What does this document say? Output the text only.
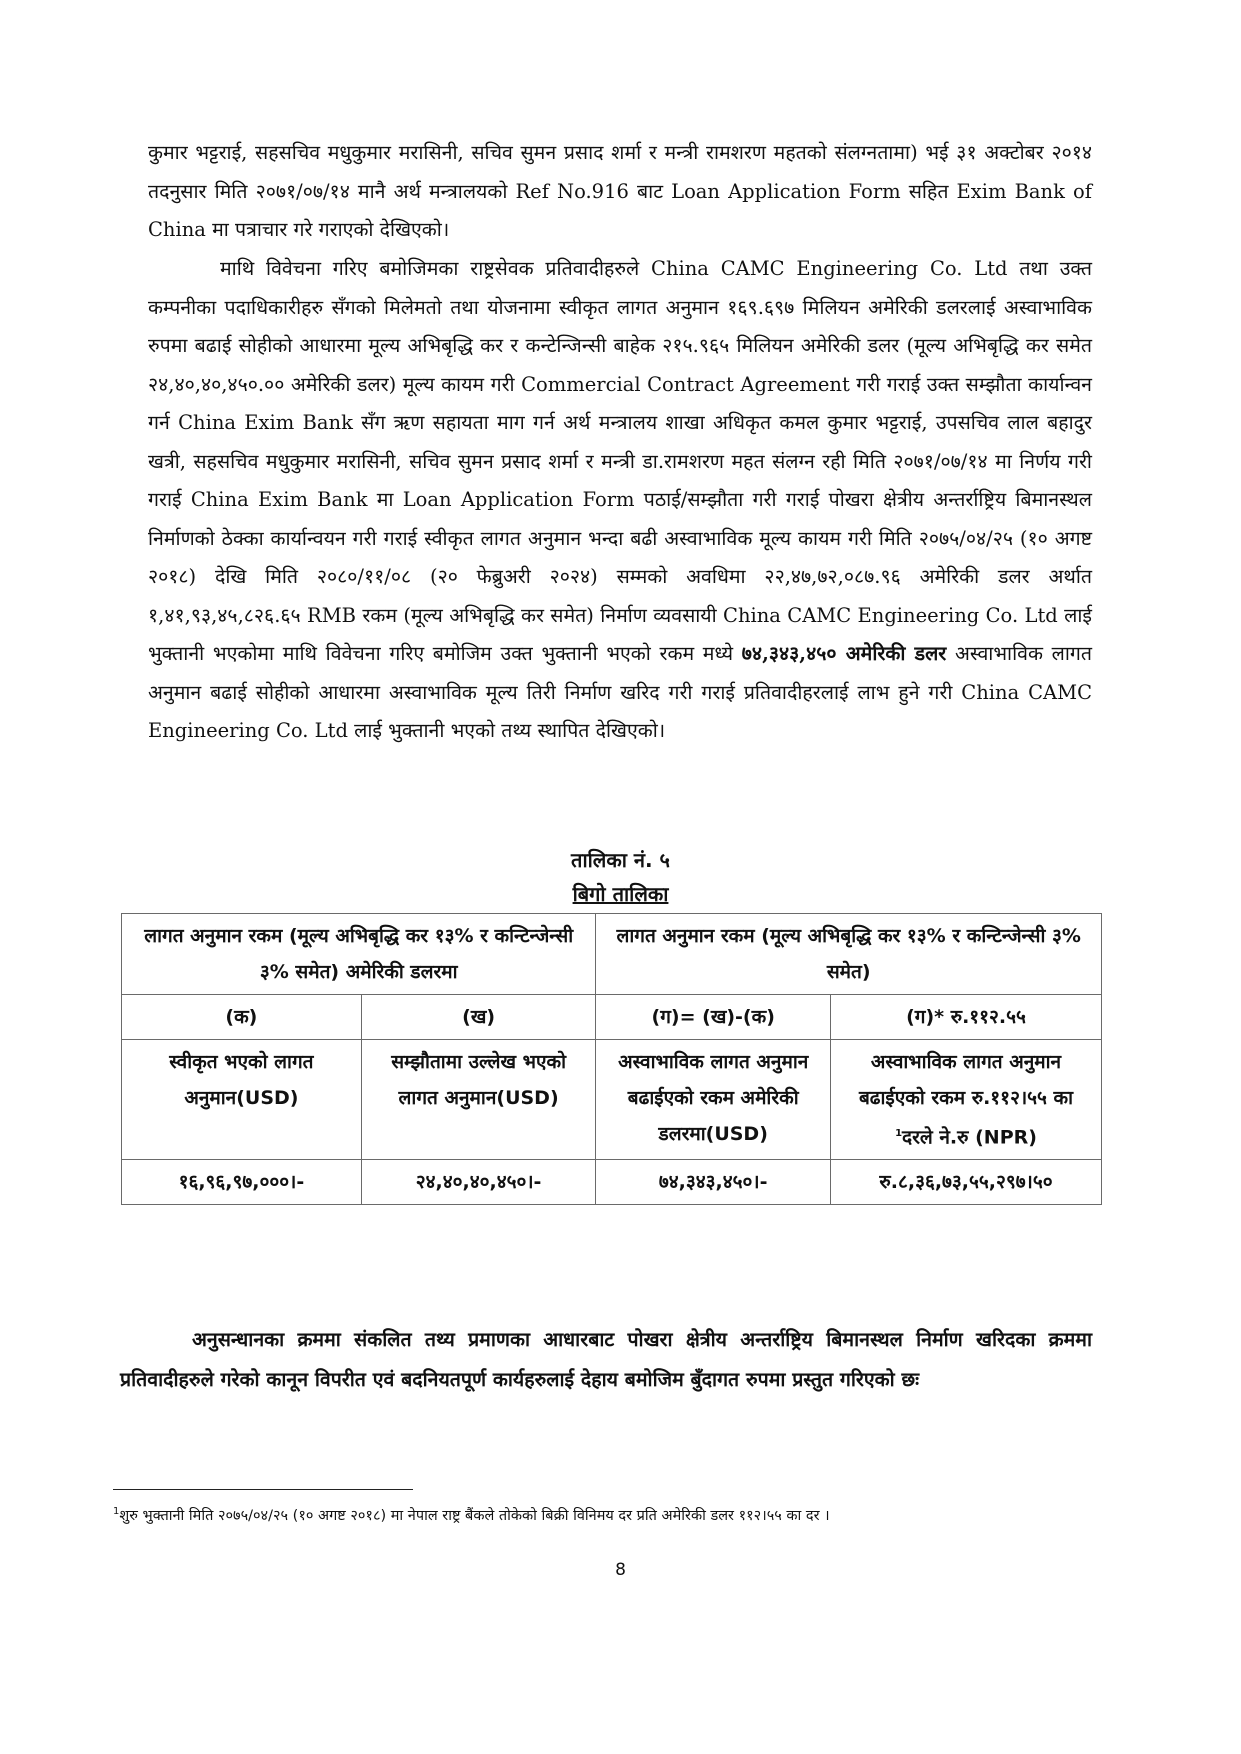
कुमार भट्टराई, सहसचिव मधुकुमार मरासिनी, सचिव सुमन प्रसाद शर्मा र मन्त्री रामशरण महतको संलग्नतामा) भई ३१ अक्टोबर २०१४ तदनुसार मिति २०७१/०७/१४ मानै अर्थ मन्त्रालयको Ref No.916 बाट Loan Application Form सहित Exim Bank of China मा पत्राचार गरे गराएको देखिएको।
माथि विवेचना गरिए बमोजिमका राष्ट्रसेवक प्रतिवादीहरुले China CAMC Engineering Co. Ltd तथा उक्त कम्पनीका पदाधिकारीहरु सँगको मिलेमतो तथा योजनामा स्वीकृत लागत अनुमान १६९.६९७ मिलियन अमेरिकी डलरलाई अस्वाभाविक रुपमा बढाई सोहीको आधारमा मूल्य अभिबृद्धि कर र कन्टेन्जिन्सी बाहेक २१५.९६५ मिलियन अमेरिकी डलर (मूल्य अभिबृद्धि कर समेत २४,४०,४०,४५०.०० अमेरिकी डलर) मूल्य कायम गरी Commercial Contract Agreement गरी गराई उक्त सम्झौता कार्यान्वन गर्न China Exim Bank सँग ऋण सहायता माग गर्न अर्थ मन्त्रालय शाखा अधिकृत कमल कुमार भट्टराई, उपसचिव लाल बहादुर खत्री, सहसचिव मधुकुमार मरासिनी, सचिव सुमन प्रसाद शर्मा र मन्त्री डा.रामशरण महत संलग्न रही मिति २०७१/०७/१४ मा निर्णय गरी गराई China Exim Bank मा Loan Application Form पठाई/सम्झौता गरी गराई पोखरा क्षेत्रीय अन्तर्राष्ट्रिय बिमानस्थल निर्माणको ठेक्का कार्यान्वयन गरी गराई स्वीकृत लागत अनुमान भन्दा बढी अस्वाभाविक मूल्य कायम गरी मिति २०७५/०४/२५ (१० अगष्ट २०१८) देखि मिति २०८०/११/०८ (२० फेब्रुअरी २०२४) सम्मको अवधिमा २२,४७,७२,०८७.९६ अमेरिकी डलर अर्थात १,४१,९३,४५,८२६.६५ RMB रकम (मूल्य अभिबृद्धि कर समेत) निर्माण व्यवसायी China CAMC Engineering Co. Ltd लाई भुक्तानी भएकोमा माथि विवेचना गरिए बमोजिम उक्त भुक्तानी भएको रकम मध्ये ७४,३४३,४५० अमेरिकी डलर अस्वाभाविक लागत अनुमान बढाई सोहीको आधारमा अस्वाभाविक मूल्य तिरी निर्माण खरिद गरी गराई प्रतिवादीहरलाई लाभ हुने गरी China CAMC Engineering Co. Ltd लाई भुक्तानी भएको तथ्य स्थापित देखिएको।
तालिका नं. ५
बिगो तालिका
लागत अनुमान रकम (मूल्य अभिबृद्धि कर १३% र कन्टिन्जेन्सी ३% समेत) अमेरिकी डलरमा		लागत अनुमान रकम (मूल्य अभिबृद्धि कर १३% र कन्टिन्जेन्सी ३% समेत)	
(क)	(ख)	(ग)= (ख)-(क)	(ग)* रु.११२.५५
स्वीकृत भएको लागत अनुमान(USD)	सम्झौतामा उल्लेख भएको लागत अनुमान(USD)	अस्वाभाविक लागत अनुमान बढाईएको रकम अमेरिकी डलरमा(USD)	अस्वाभाविक लागत अनुमान बढाईएको रकम रु.११२।५५ का $^1$दरले ने.रु (NPR)
१६,९६,९७,०००।-	२४,४०,४०,४५०।-	७४,३४३,४५०।-	रु.८,३६,७३,५५,२९७।५०
अनुसन्धानका क्रममा संकलित तथ्य प्रमाणका आधारबाट पोखरा क्षेत्रीय अन्तर्राष्ट्रिय बिमानस्थल निर्माण खरिदका क्रममा प्रतिवादीहरुले गरेको कानून विपरीत एवं बदनियतपूर्ण कार्यहरुलाई देहाय बमोजिम बुँदागत रुपमा प्रस्तुत गरिएको छः
$^1$शुरु भुक्तानी मिति २०७५/०४/२५ (१० अगष्ट २०१८) मा नेपाल राष्ट्र बैंकले तोकेको बिक्री विनिमय दर प्रति अमेरिकी डलर ११२।५५ का दर ।
8
